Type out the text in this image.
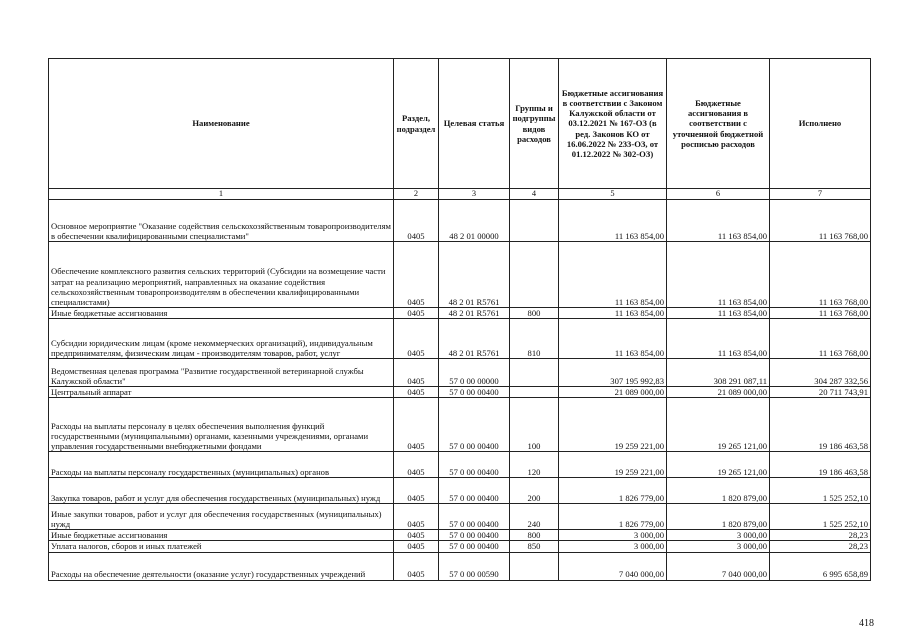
Наименование	Раздел, подраздел	Целевая статья	Группы и подгруппы видов расходов	Бюджетные ассигнования в соответствии с Законом Калужской области от 03.12.2021 № 167-ОЗ (в ред. Законов КО от 16.06.2022 № 233-ОЗ, от 01.12.2022 № 302-ОЗ)	Бюджетные ассигнования в соответствии с уточненной бюджетной росписью расходов	Исполнено
1	2	3	4	5	6	7
Основное мероприятие "Оказание содействия сельскохозяйственным товаропроизводителям в обеспечении квалифицированными специалистами"	0405	48 2 01 00000		11 163 854,00	11 163 854,00	11 163 768,00
Обеспечение комплексного развития сельских территорий (Субсидии на возмещение части затрат на реализацию мероприятий, направленных на оказание содействия сельскохозяйственным товаропроизводителям в обеспечении квалифицированными специалистами)	0405	48 2 01 R5761		11 163 854,00	11 163 854,00	11 163 768,00
Иные бюджетные ассигнования	0405	48 2 01 R5761	800	11 163 854,00	11 163 854,00	11 163 768,00
Субсидии юридическим лицам (кроме некоммерческих организаций), индивидуальным предпринимателям, физическим лицам - производителям товаров, работ, услуг	0405	48 2 01 R5761	810	11 163 854,00	11 163 854,00	11 163 768,00
Ведомственная целевая программа "Развитие государственной ветеринарной службы Калужской области"	0405	57 0 00 00000		307 195 992,83	308 291 087,11	304 287 332,56
Центральный аппарат	0405	57 0 00 00400		21 089 000,00	21 089 000,00	20 711 743,91
Расходы на выплаты персоналу в целях обеспечения выполнения функций государственными (муниципальными) органами, казенными учреждениями, органами управления государственными внебюджетными фондами	0405	57 0 00 00400	100	19 259 221,00	19 265 121,00	19 186 463,58
Расходы на выплаты персоналу государственных (муниципальных) органов	0405	57 0 00 00400	120	19 259 221,00	19 265 121,00	19 186 463,58
Закупка товаров, работ и услуг для обеспечения государственных (муниципальных) нужд	0405	57 0 00 00400	200	1 826 779,00	1 820 879,00	1 525 252,10
Иные закупки товаров, работ и услуг для обеспечения государственных (муниципальных) нужд	0405	57 0 00 00400	240	1 826 779,00	1 820 879,00	1 525 252,10
Иные бюджетные ассигнования	0405	57 0 00 00400	800	3 000,00	3 000,00	28,23
Уплата налогов, сборов и иных платежей	0405	57 0 00 00400	850	3 000,00	3 000,00	28,23
Расходы на обеспечение деятельности (оказание услуг) государственных учреждений	0405	57 0 00 00590		7 040 000,00	7 040 000,00	6 995 658,89
418
